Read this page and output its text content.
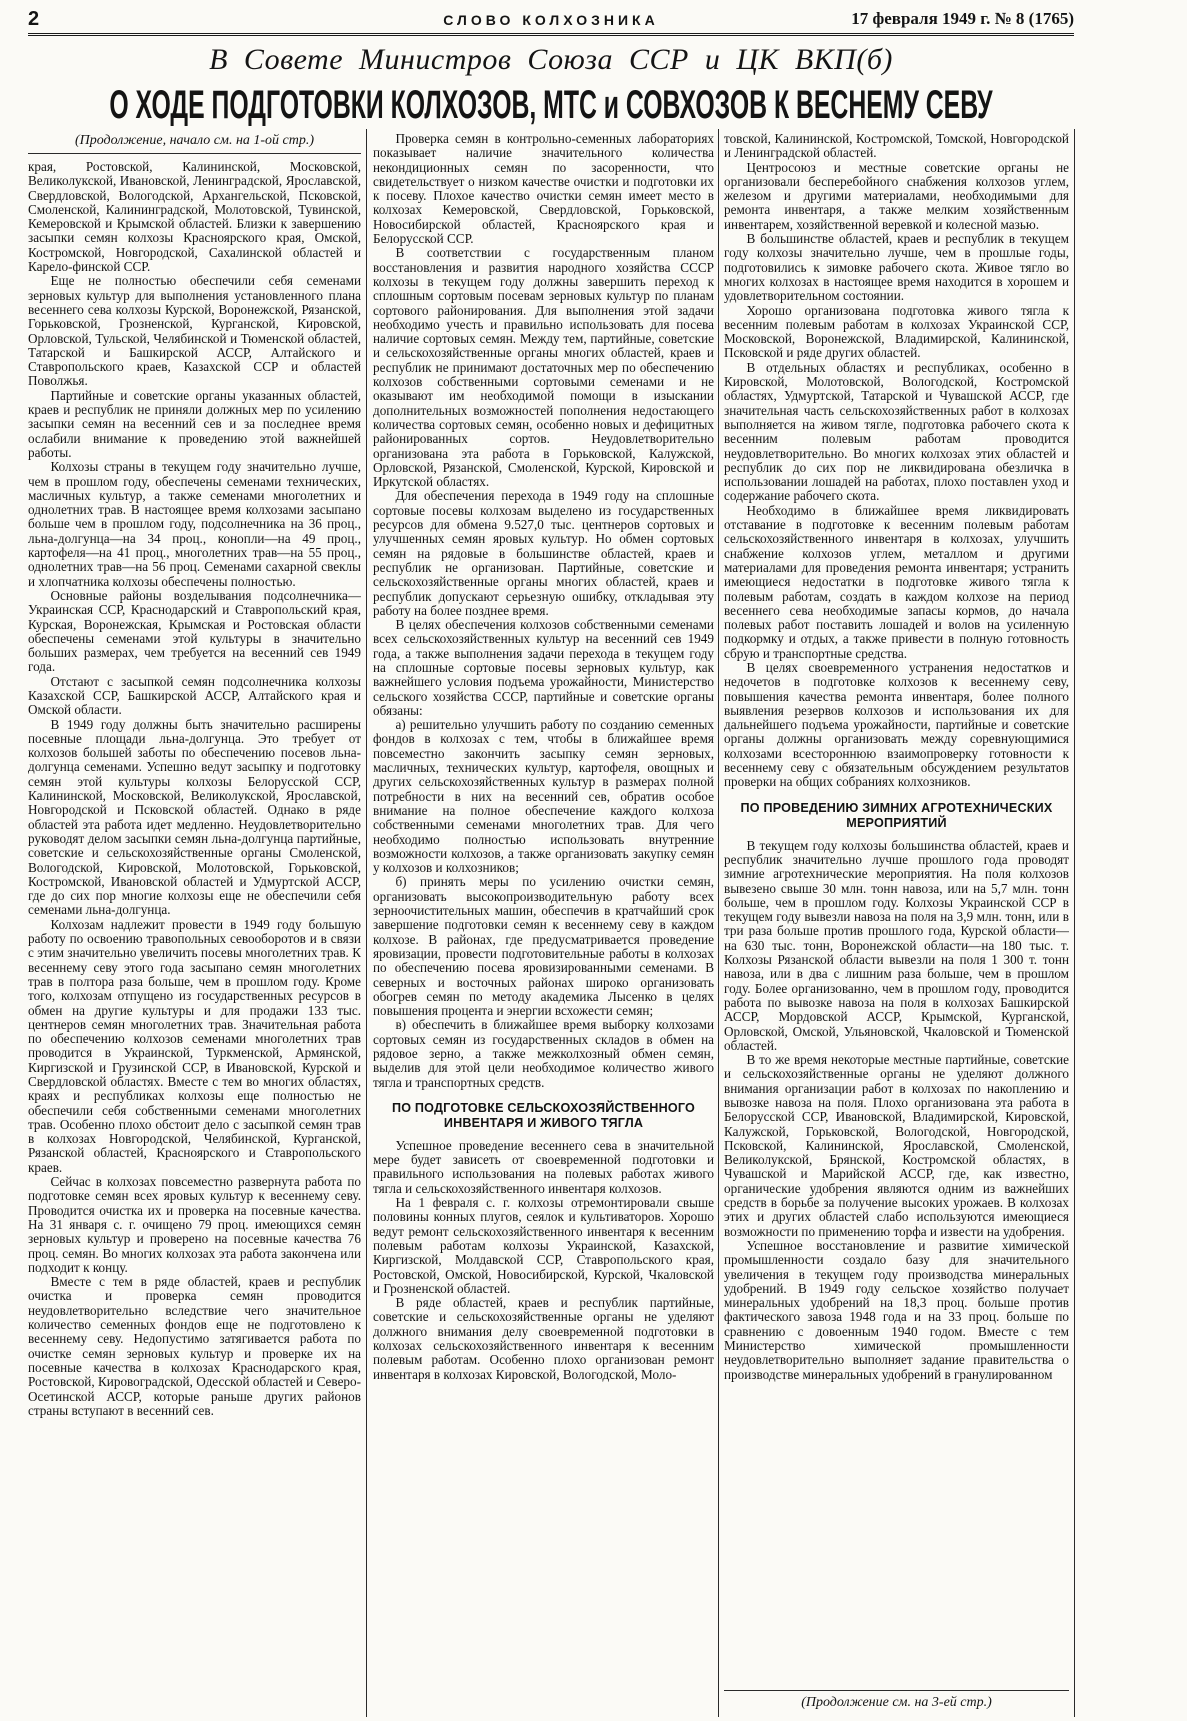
2	СЛОВО КОЛХОЗНИКА	17 февраля 1949 г. № 8 (1765)
В Совете Министров Союза ССР и ЦК ВКП(б)
О ХОДЕ ПОДГОТОВКИ КОЛХОЗОВ, МТС и СОВХОЗОВ К ВЕСНЕМУ СЕВУ
(Продолжение, начало см. на 1-ой стр.)

края, Ростовской, Калининской, Московской, Великолукской, Ивановской, Ленинградской, Ярославской, Свердловской, Вологодской, Архангельской, Псковской, Смоленской, Калининградской, Молотовской, Тувинской, Кемеровской и Крымской областей. Близки к завершению засыпки семян колхозы Красноярского края, Омской, Костромской, Новгородской, Сахалинской областей и Карело-финской ССР.

Еще не полностью обеспечили себя семенами зерновых культур для выполнения установленного плана весеннего сева колхозы Курской, Воронежской, Рязанской, Горьковской, Грозненской, Курганской, Кировской, Орловской, Тульской, Челябинской и Тюменской областей, Татарской и Башкирской АССР, Алтайского и Ставропольского краев, Казахской ССР и областей Поволжья.

Партийные и советские органы указанных областей, краев и республик не приняли должных мер по усилению засыпки семян на весенний сев и за последнее время ослабили внимание к проведению этой важнейшей работы.

Колхозы страны в текущем году значительно лучше, чем в прошлом году, обеспечены семенами технических, масличных культур, а также семенами многолетних и однолетних трав. В настоящее время колхозами засыпано больше чем в прошлом году, подсолнечника на 36 проц., льна-долгунца—на 34 проц., конопли—на 49 проц., картофеля—на 41 проц., многолетних трав—на 55 проц., однолетних трав—на 56 проц. Семенами сахарной свеклы и хлопчатника колхозы обеспечены полностью.

Основные районы возделывания подсолнечника—Украинская ССР, Краснодарский и Ставропольский края, Курская, Воронежская, Крымская и Ростовская области обеспечены семенами этой культуры в значительно больших размерах, чем требуется на весенний сев 1949 года.

Отстают с засыпкой семян подсолнечника колхозы Казахской ССР, Башкирской АССР, Алтайского края и Омской области.

В 1949 году должны быть значительно расширены посевные площади льна-долгунца. Это требует от колхозов большей заботы по обеспечению посевов льна-долгунца семенами. Успешно ведут засыпку и подготовку семян этой культуры колхозы Белорусской ССР, Калининской, Московской, Великолукской, Ярославской, Новгородской и Псковской областей. Однако в ряде областей эта работа идет медленно. Неудовлетворительно руководят делом засыпки семян льна-долгунца партийные, советские и сельскохозяйственные органы Смоленской, Вологодской, Кировской, Молотовской, Горьковской, Костромской, Ивановской областей и Удмуртской АССР, где до сих пор многие колхозы еще не обеспечили себя семенами льна-долгунца.

Колхозам надлежит провести в 1949 году большую работу по освоению травопольных севооборотов и в связи с этим значительно увеличить посевы многолетних трав. К весеннему севу этого года засыпано семян многолетних трав в полтора раза больше, чем в прошлом году. Кроме того, колхозам отпущено из государственных ресурсов в обмен на другие культуры и для продажи 133 тыс. центнеров семян многолетних трав. Значительная работа по обеспечению колхозов семенами многолетних трав проводится в Украинской, Туркменской, Армянской, Киргизской и Грузинской ССР, в Ивановской, Курской и Свердловской областях. Вместе с тем во многих областях, краях и республиках колхозы еще полностью не обеспечили себя собственными семенами многолетних трав. Особенно плохо обстоит дело с засыпкой семян трав в колхозах Новгородской, Челябинской, Курганской, Рязанской областей, Красноярского и Ставропольского краев.

Сейчас в колхозах повсеместно развернута работа по подготовке семян всех яровых культур к весеннему севу. Проводится очистка их и проверка на посевные качества. На 31 января с. г. очищено 79 проц. имеющихся семян зерновых культур и проверено на посевные качества 76 проц. семян. Во многих колхозах эта работа закончена или подходит к концу.

Вместе с тем в ряде областей, краев и республик очистка и проверка семян проводится неудовлетворительно вследствие чего значительное количество семенных фондов еще не подготовлено к весеннему севу. Недопустимо затягивается работа по очистке семян зерновых культур и проверке их на посевные качества в колхозах Краснодарского края, Ростовской, Кировоградской, Одесской областей и Северо-Осетинской АССР, которые раньше других районов страны вступают в весенний сев.

Проверка семян в контрольно-семенных лабораториях показывает наличие значительного количества некондиционных семян по засоренности, что свидетельствует о низком качестве очистки и подготовки их к посеву. Плохое качество очистки семян имеет место в колхозах Кемеровской, Свердловской, Горьковской, Новосибирской областей, Красноярского края и Белорусской ССР.

В соответствии с государственным планом восстановления и развития народного хозяйства СССР колхозы в текущем году должны завершить переход к сплошным сортовым посевам зерновых культур по планам сортового районирования. Для выполнения этой задачи необходимо учесть и правильно использовать для посева наличие сортовых семян. Между тем, партийные, советские и сельскохозяйственные органы многих областей, краев и республик не принимают достаточных мер по обеспечению колхозов собственными сортовыми семенами и не оказывают им необходимой помощи в изыскании дополнительных возможностей пополнения недостающего количества сортовых семян, особенно новых и дефицитных районированных сортов. Неудовлетворительно организована эта работа в Горьковской, Калужской, Орловской, Рязанской, Смоленской, Курской, Кировской и Иркутской областях.

Для обеспечения перехода в 1949 году на сплошные сортовые посевы колхозам выделено из государственных ресурсов для обмена 9.527,0 тыс. центнеров сортовых и улучшенных семян яровых культур. Но обмен сортовых семян на рядовые в большинстве областей, краев и республик не организован. Партийные, советские и сельскохозяйственные органы многих областей, краев и республик допускают серьезную ошибку, откладывая эту работу на более позднее время.

В целях обеспечения колхозов собственными семенами всех сельскохозяйственных культур на весенний сев 1949 года, а также выполнения задачи перехода в текущем году на сплошные сортовые посевы зерновых культур, как важнейшего условия подъема урожайности, Министерство сельского хозяйства СССР, партийные и советские органы обязаны:

а) решительно улучшить работу по созданию семенных фондов в колхозах с тем, чтобы в ближайшее время повсеместно закончить засыпку семян зерновых, масличных, технических культур, картофеля, овощных и других сельскохозяйственных культур в размерах полной потребности в них на весенний сев, обратив особое внимание на полное обеспечение каждого колхоза собственными семенами многолетних трав. Для чего необходимо полностью использовать внутренние возможности колхозов, а также организовать закупку семян у колхозов и колхозников;

б) принять меры по усилению очистки семян, организовать высокопроизводительную работу всех зерноочистительных машин, обеспечив в кратчайший срок завершение подготовки семян к весеннему севу в каждом колхозе. В районах, где предусматривается проведение яровизации, провести подготовительные работы в колхозах по обеспечению посева яровизированными семенами. В северных и восточных районах широко организовать обогрев семян по методу академика Лысенко в целях повышения процента и энергии всхожести семян;

в) обеспечить в ближайшее время выборку колхозами сортовых семян из государственных складов в обмен на рядовое зерно, а также межколхозный обмен семян, выделив для этой цели необходимое количество живого тягла и транспортных средств.

ПО ПОДГОТОВКЕ СЕЛЬСКОХОЗЯЙСТВЕННОГО
ИНВЕНТАРЯ И ЖИВОГО ТЯГЛА

Успешное проведение весеннего сева в значительной мере будет зависеть от своевременной подготовки и правильного использования на полевых работах живого тягла и сельскохозяйственного инвентаря колхозов.

На 1 февраля с. г. колхозы отремонтировали свыше половины конных плугов, сеялок и культиваторов. Хорошо ведут ремонт сельскохозяйственного инвентаря к весенним полевым работам колхозы Украинской, Казахской, Киргизской, Молдавской ССР, Ставропольского края, Ростовской, Омской, Новосибирской, Курской, Чкаловской и Грозненской областей.

В ряде областей, краев и республик партийные, советские и сельскохозяйственные органы не уделяют должного внимания делу своевременной подготовки в колхозах сельскохозяйственного инвентаря к весенним полевым работам. Особенно плохо организован ремонт инвентаря в колхозах Кировской, Вологодской, Моло-

товской, Калининской, Костромской, Томской, Новгородской и Ленинградской областей.

Центросоюз и местные советские органы не организовали бесперебойного снабжения колхозов углем, железом и другими материалами, необходимыми для ремонта инвентаря, а также мелким хозяйственным инвентарем, хозяйственной веревкой и колесной мазью.

В большинстве областей, краев и республик в текущем году колхозы значительно лучше, чем в прошлые годы, подготовились к зимовке рабочего скота. Живое тягло во многих колхозах в настоящее время находится в хорошем и удовлетворительном состоянии.

Хорошо организована подготовка живого тягла к весенним полевым работам в колхозах Украинской ССР, Московской, Воронежской, Владимирской, Калининской, Псковской и ряде других областей.

В отдельных областях и республиках, особенно в Кировской, Молотовской, Вологодской, Костромской областях, Удмуртской, Татарской и Чувашской АССР, где значительная часть сельскохозяйственных работ в колхозах выполняется на живом тягле, подготовка рабочего скота к весенним полевым работам проводится неудовлетворительно. Во многих колхозах этих областей и республик до сих пор не ликвидирована обезличка в использовании лошадей на работах, плохо поставлен уход и содержание рабочего скота.

Необходимо в ближайшее время ликвидировать отставание в подготовке к весенним полевым работам сельскохозяйственного инвентаря в колхозах, улучшить снабжение колхозов углем, металлом и другими материалами для проведения ремонта инвентаря; устранить имеющиеся недостатки в подготовке живого тягла к полевым работам, создать в каждом колхозе на период весеннего сева необходимые запасы кормов, до начала полевых работ поставить лошадей и волов на усиленную подкормку и отдых, а также привести в полную готовность сбрую и транспортные средства.

В целях своевременного устранения недостатков и недочетов в подготовке колхозов к весеннему севу, повышения качества ремонта инвентаря, более полного выявления резервов колхозов и использования их для дальнейшего подъема урожайности, партийные и советские органы должны организовать между соревнующимися колхозами всестороннюю взаимопроверку готовности к весеннему севу с обязательным обсуждением результатов проверки на общих собраниях колхозников.

ПО ПРОВЕДЕНИЮ ЗИМНИХ АГРОТЕХНИЧЕСКИХ
МЕРОПРИЯТИЙ

В текущем году колхозы большинства областей, краев и республик значительно лучше прошлого года проводят зимние агротехнические мероприятия. На поля колхозов вывезено свыше 30 млн. тонн навоза, или на 5,7 млн. тонн больше, чем в прошлом году. Колхозы Украинской ССР в текущем году вывезли навоза на поля на 3,9 млн. тонн, или в три раза больше против прошлого года, Курской области—на 630 тыс. тонн, Воронежской области—на 180 тыс. т. Колхозы Рязанской области вывезли на поля 1 300 т. тонн навоза, или в два с лишним раза больше, чем в прошлом году. Более организованно, чем в прошлом году, проводится работа по вывозке навоза на поля в колхозах Башкирской АССР, Мордовской АССР, Крымской, Курганской, Орловской, Омской, Ульяновской, Чкаловской и Тюменской областей.

В то же время некоторые местные партийные, советские и сельскохозяйственные органы не уделяют должного внимания организации работ в колхозах по накоплению и вывозке навоза на поля. Плохо организована эта работа в Белорусской ССР, Ивановской, Владимирской, Кировской, Калужской, Горьковской, Вологодской, Новгородской, Псковской, Калининской, Ярославской, Смоленской, Великолукской, Брянской, Костромской областях, в Чувашской и Марийской АССР, где, как известно, органические удобрения являются одним из важнейших средств в борьбе за получение высоких урожаев. В колхозах этих и других областей слабо используются имеющиеся возможности по применению торфа и извести на удобрения.

Успешное восстановление и развитие химической промышленности создало базу для значительного увеличения в текущем году производства минеральных удобрений. В 1949 году сельское хозяйство получает минеральных удобрений на 18,3 проц. больше против фактического завоза 1948 года и на 33 проц. больше по сравнению с довоенным 1940 годом. Вместе с тем Министерство химической промышленности неудовлетворительно выполняет задание правительства о производстве минеральных удобрений в гранулированном

(Продолжение см. на 3-ей стр.)
